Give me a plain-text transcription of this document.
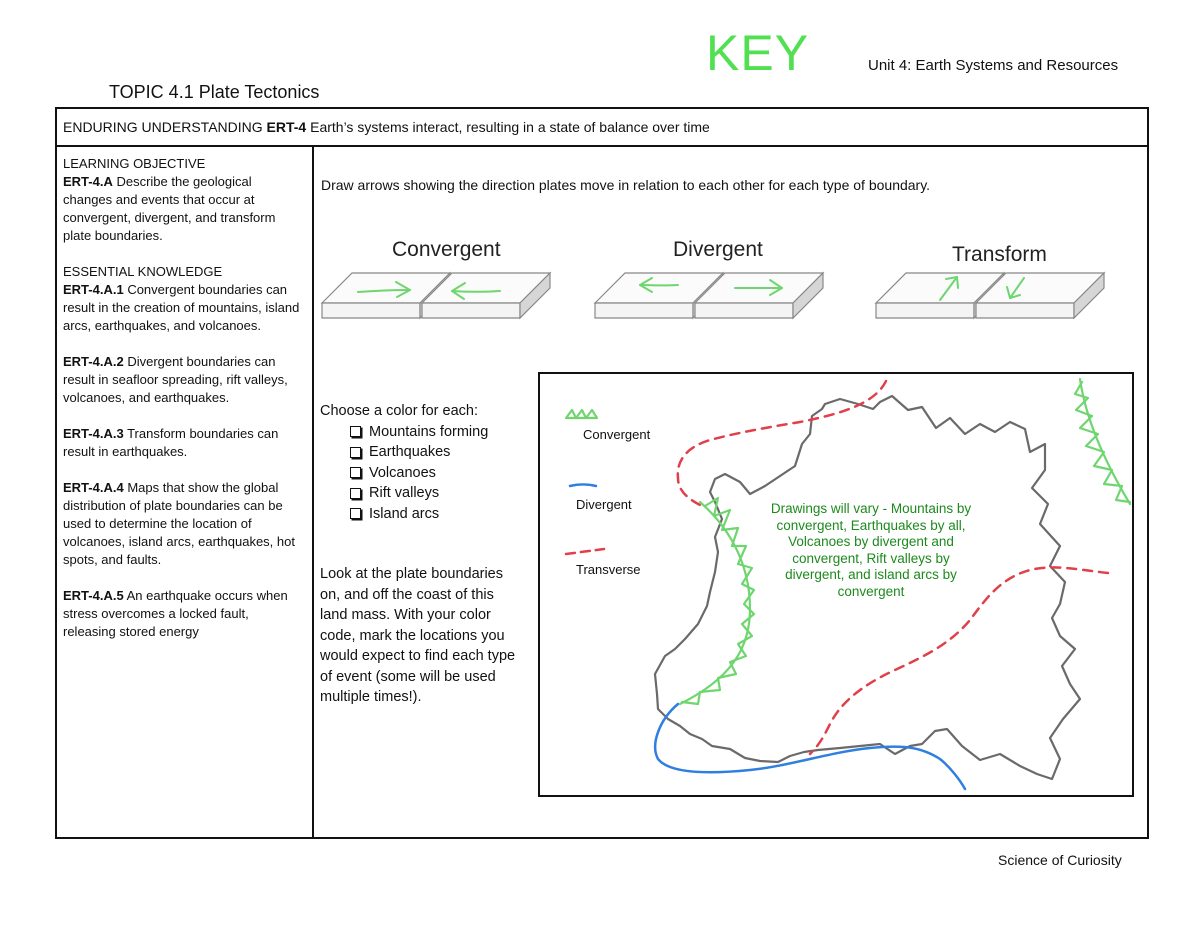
KEY	Unit 4: Earth Systems and Resources
TOPIC 4.1 Plate Tectonics
ENDURING UNDERSTANDING ERT-4 Earth’s systems interact, resulting in a state of balance over time

LEARNING OBJECTIVE
ERT-4.A Describe the geological changes and events that occur at convergent, divergent, and transform plate boundaries.

ESSENTIAL KNOWLEDGE
ERT-4.A.1 Convergent boundaries can result in the creation of mountains, island arcs, earthquakes, and volcanoes.

ERT-4.A.2 Divergent boundaries can result in seafloor spreading, rift valleys, volcanoes, and earthquakes.

ERT-4.A.3 Transform boundaries can result in earthquakes.

ERT-4.A.4 Maps that show the global distribution of plate boundaries can be used to determine the location of volcanoes, island arcs, earthquakes, hot spots, and faults.

ERT-4.A.5 An earthquake occurs when stress overcomes a locked fault, releasing stored energy

Draw arrows showing the direction plates move in relation to each other for each type of boundary.
Convergent	Divergent	Transform
Choose a color for each:
Mountains forming
Earthquakes
Volcanoes
Rift valleys
Island arcs
Look at the plate boundaries on, and off the coast of this land mass. With your color code, mark the locations you would expect to find each type of event (some will be used multiple times!).
Convergent
Divergent
Transverse
Drawings will vary - Mountains by convergent, Earthquakes by all, Volcanoes by divergent and convergent, Rift valleys by divergent, and island arcs by convergent
Science of Curiosity
